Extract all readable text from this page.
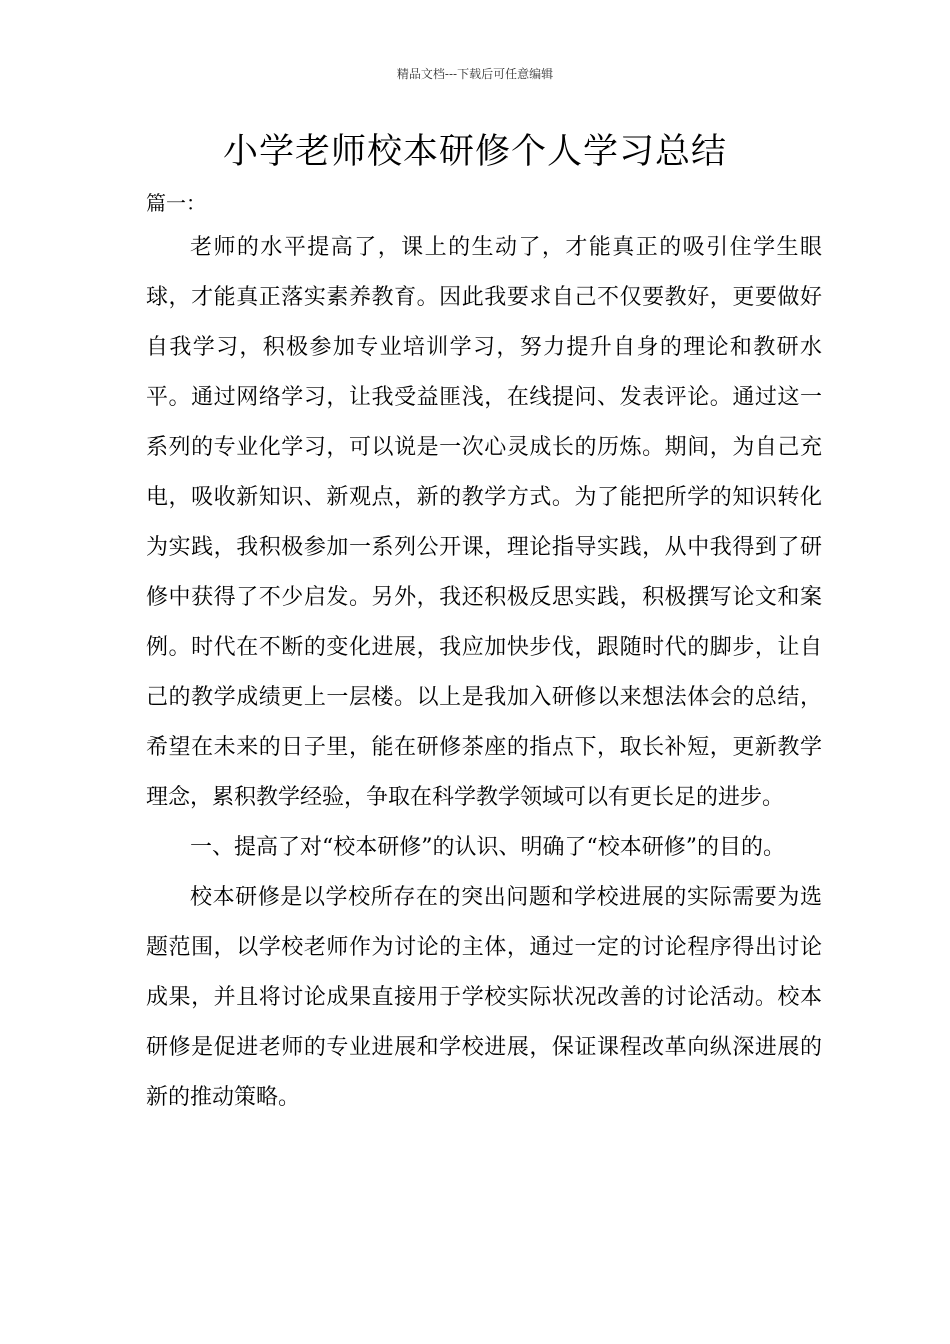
精品文档---下载后可任意编辑
小学老师校本研修个人学习总结

篇一：

老师的水平提高了，课上的生动了，才能真正的吸引住学生眼球，才能真正落实素养教育。因此我要求自己不仅要教好，更要做好自我学习，积极参加专业培训学习，努力提升自身的理论和教研水平。通过网络学习，让我受益匪浅，在线提问、发表评论。通过这一系列的专业化学习，可以说是一次心灵成长的历炼。期间，为自己充电，吸收新知识、新观点，新的教学方式。为了能把所学的知识转化为实践，我积极参加一系列公开课，理论指导实践，从中我得到了研修中获得了不少启发。另外，我还积极反思实践，积极撰写论文和案例。时代在不断的变化进展，我应加快步伐，跟随时代的脚步，让自己的教学成绩更上一层楼。以上是我加入研修以来想法体会的总结，希望在未来的日子里，能在研修茶座的指点下，取长补短，更新教学理念，累积教学经验，争取在科学教学领域可以有更长足的进步。

一、提高了对“校本研修”的认识、明确了“校本研修”的目的。

校本研修是以学校所存在的突出问题和学校进展的实际需要为选题范围，以学校老师作为讨论的主体，通过一定的讨论程序得出讨论成果，并且将讨论成果直接用于学校实际状况改善的讨论活动。校本研修是促进老师的专业进展和学校进展，保证课程改革向纵深进展的新的推动策略。
